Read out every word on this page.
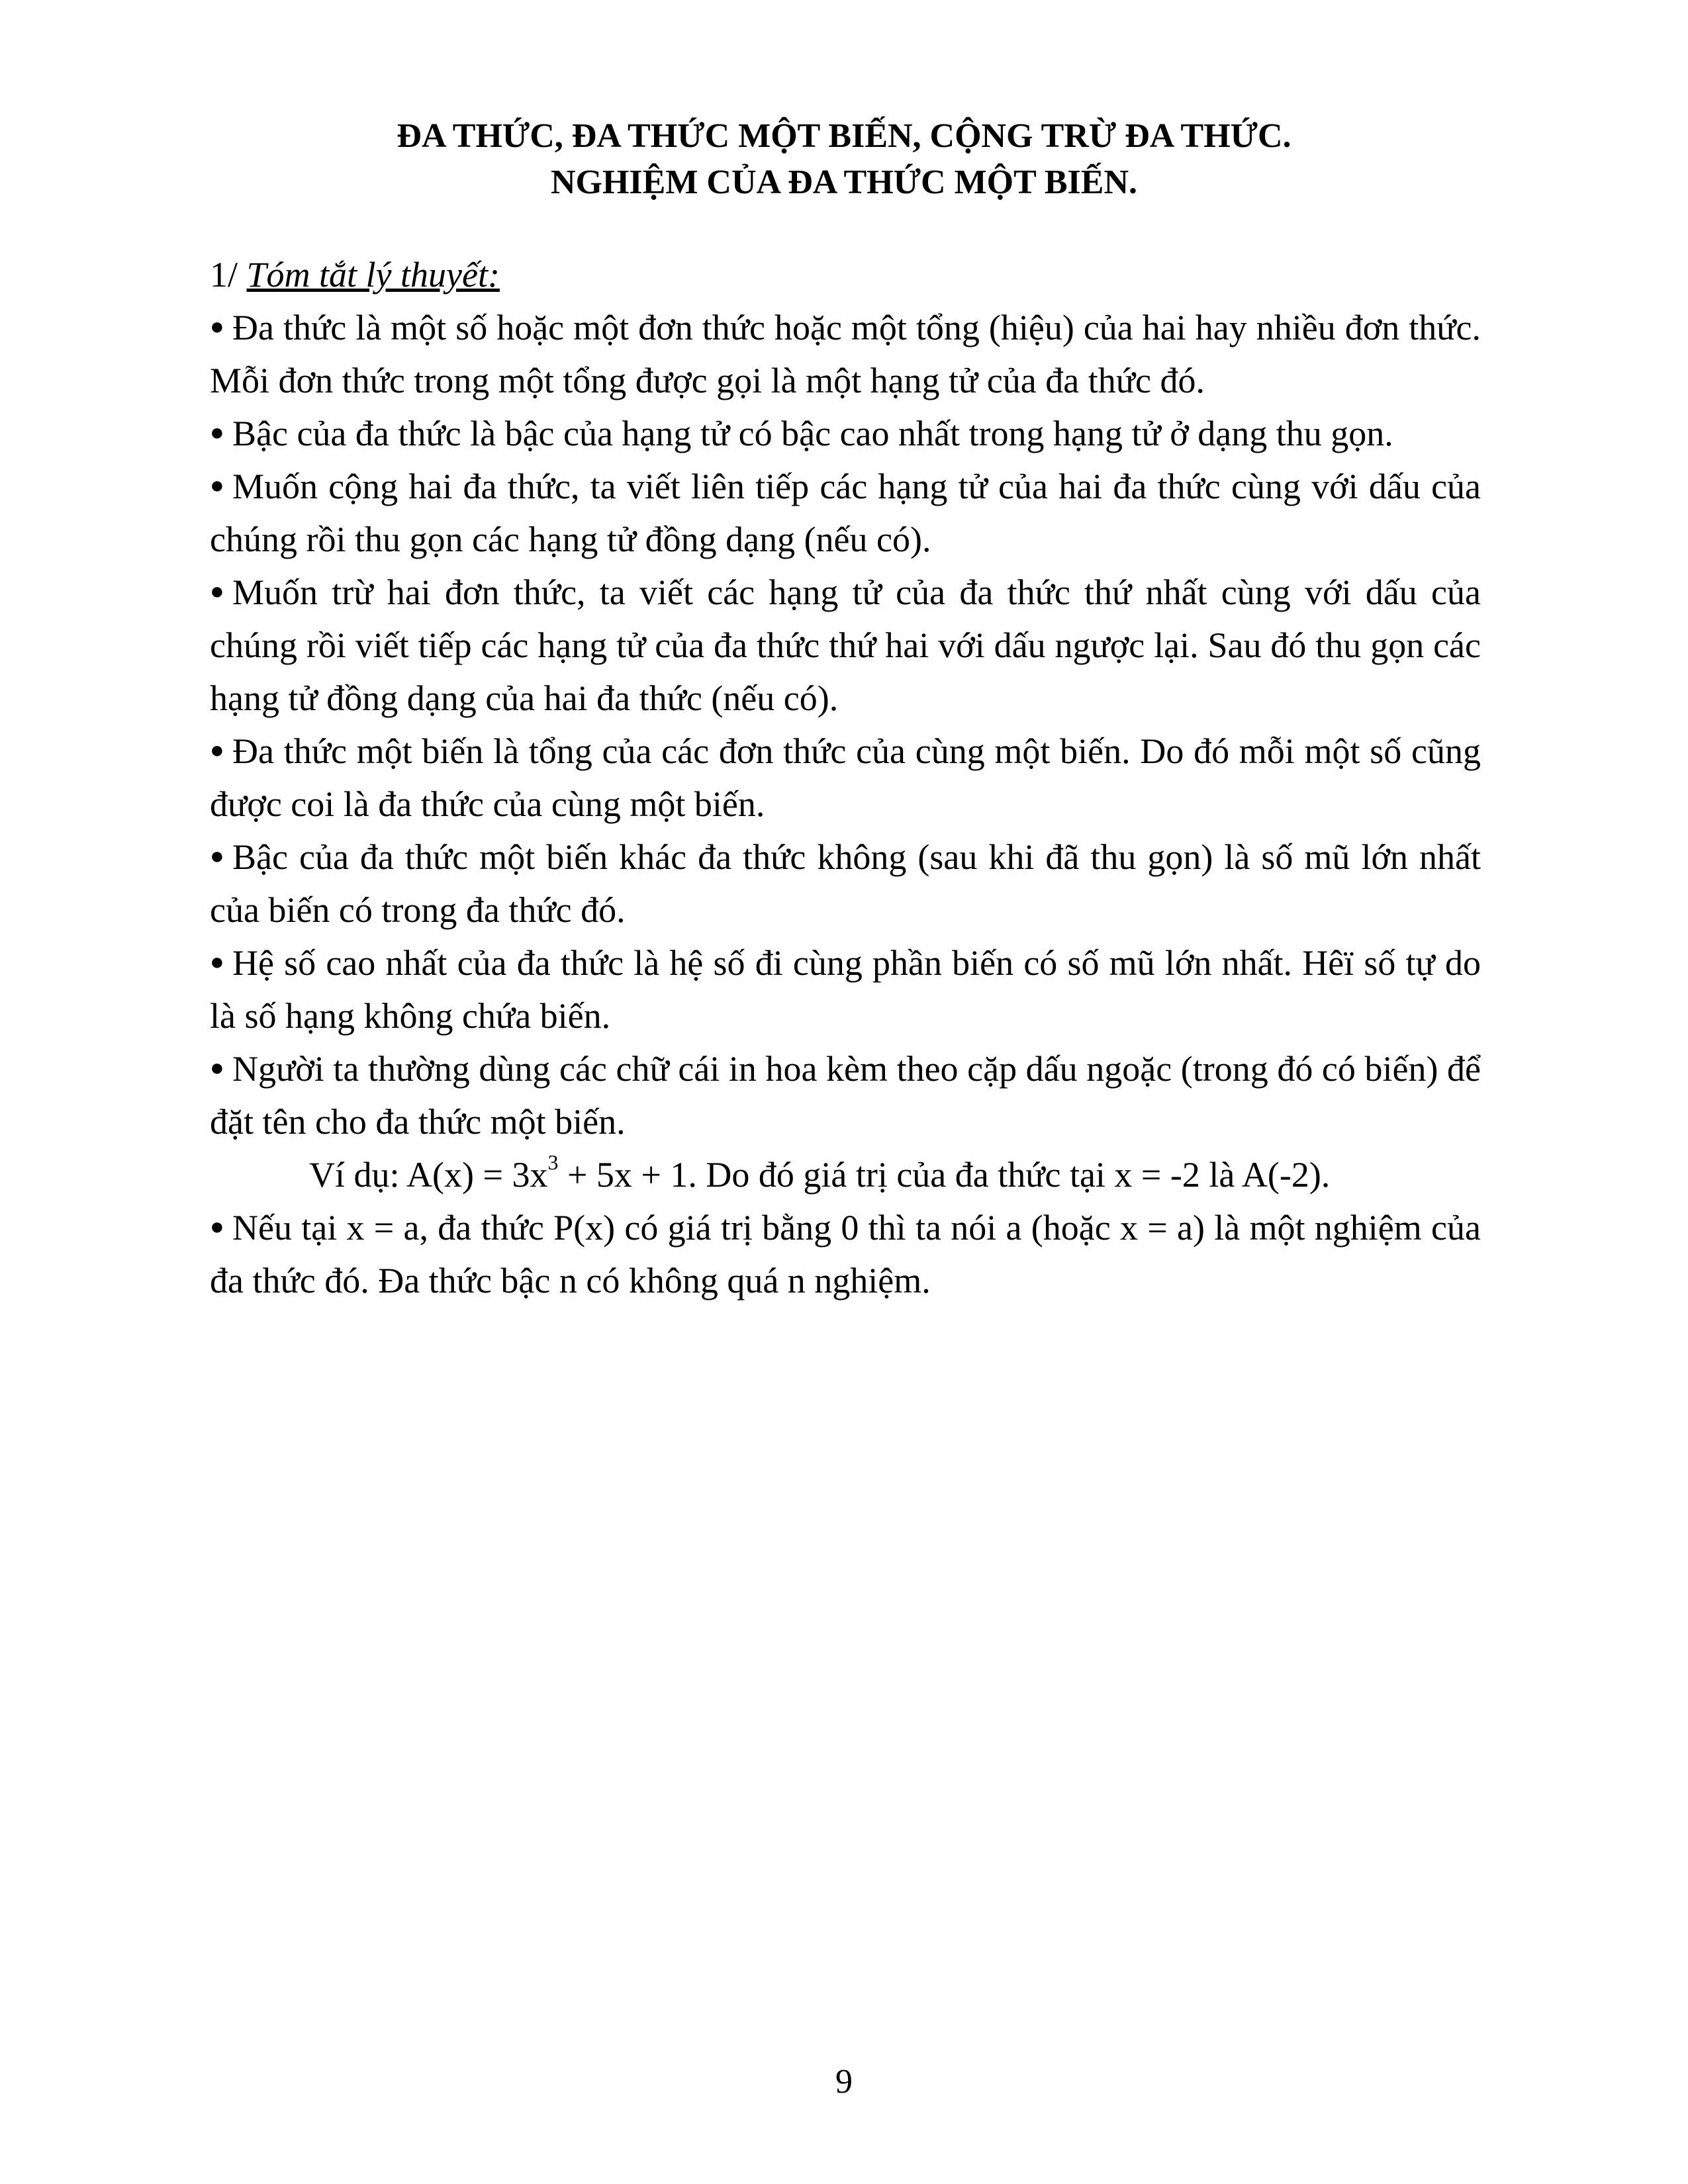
ĐA THỨC, ĐA THỨC MỘT BIẾN, CỘNG TRỪ ĐA THỨC.
NGHIỆM CỦA ĐA THỨC MỘT BIẾN.
1/ Tóm tắt lý thuyết:
● Đa thức là một số hoặc một đơn thức hoặc một tổng (hiệu) của hai hay nhiều đơn thức. Mỗi đơn thức trong một tổng được gọi là một hạng tử của đa thức đó.
● Bậc của đa thức là bậc của hạng tử có bậc cao nhất trong hạng tử ở dạng thu gọn.
● Muốn cộng hai đa thức, ta viết liên tiếp các hạng tử của hai đa thức cùng với dấu của chúng rồi thu gọn các hạng tử đồng dạng (nếu có).
● Muốn trừ hai đơn thức, ta viết các hạng tử của đa thức thứ nhất cùng với dấu của chúng rồi viết tiếp các hạng tử của đa thức thứ hai với dấu ngược lại. Sau đó thu gọn các hạng tử đồng dạng của hai đa thức (nếu có).
● Đa thức một biến là tổng của các đơn thức của cùng một biến. Do đó mỗi một số cũng được coi là đa thức của cùng một biến.
● Bậc của đa thức một biến khác đa thức không (sau khi đã thu gọn) là số mũ lớn nhất của biến có trong đa thức đó.
● Hệ số cao nhất của đa thức là hệ số đi cùng phần biến có số mũ lớn nhất. Hêï số tự do là số hạng không chứa biến.
● Người ta thường dùng các chữ cái in hoa kèm theo cặp dấu ngoặc (trong đó có biến) để đặt tên cho đa thức một biến.
Ví dụ: $A(x) = 3x^3 + 5x + 1$. Do đó giá trị của đa thức tại x = -2 là A(-2).
● Nếu tại x = a, đa thức P(x) có giá trị bằng 0 thì ta nói a (hoặc x = a) là một nghiệm của đa thức đó. Đa thức bậc n có không quá n nghiệm.
9
